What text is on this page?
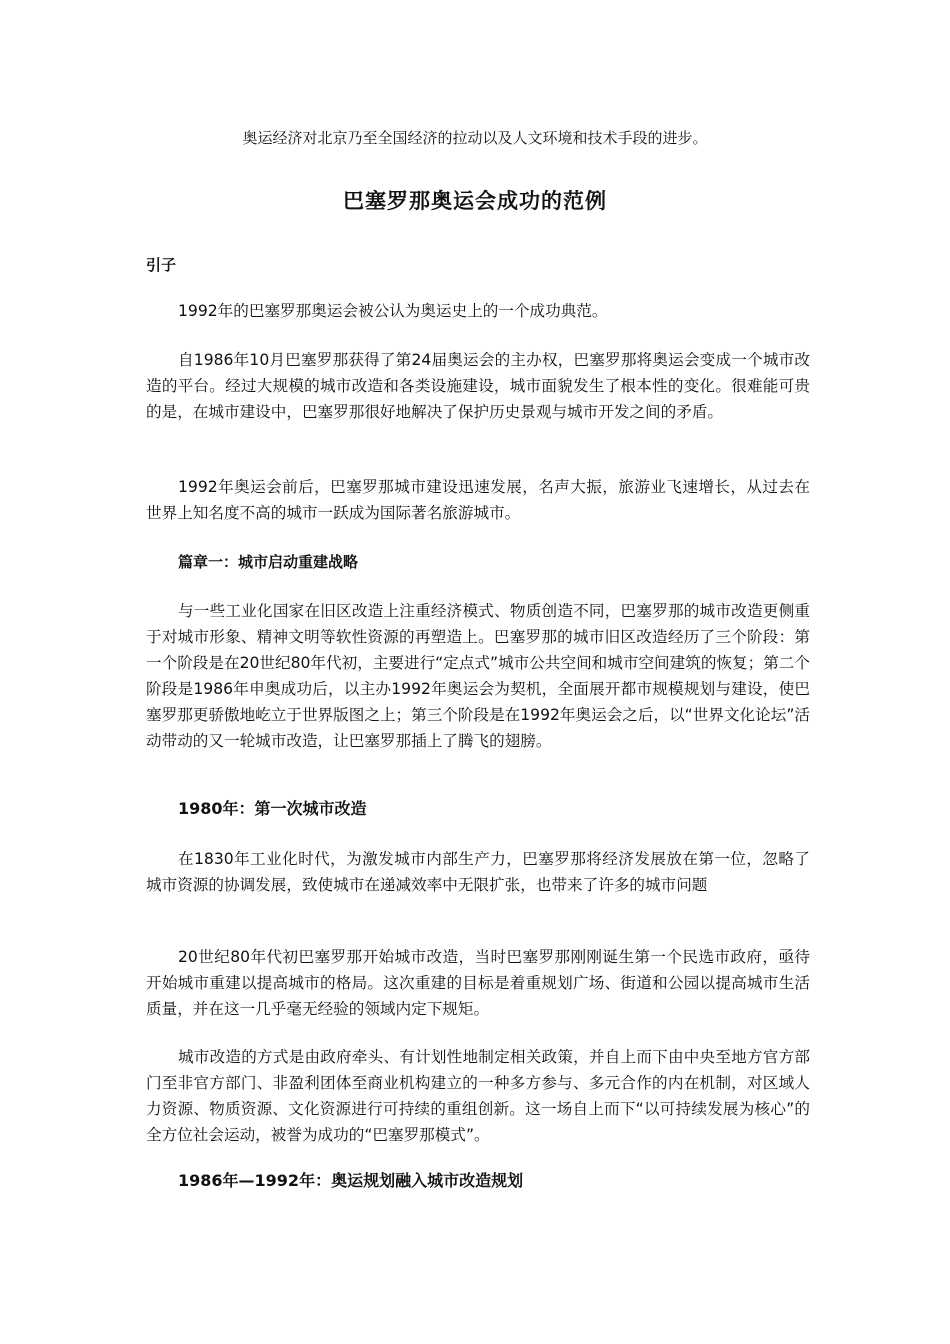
奥运经济对北京乃至全国经济的拉动以及人文环境和技术手段的进步。
巴塞罗那奥运会成功的范例
引子

1992年的巴塞罗那奥运会被公认为奥运史上的一个成功典范。

自1986年10月巴塞罗那获得了第24届奥运会的主办权，巴塞罗那将奥运会变成一个城市改造的平台。经过大规模的城市改造和各类设施建设，城市面貌发生了根本性的变化。很难能可贵的是，在城市建设中，巴塞罗那很好地解决了保护历史景观与城市开发之间的矛盾。

1992年奥运会前后，巴塞罗那城市建设迅速发展，名声大振，旅游业飞速增长，从过去在世界上知名度不高的城市一跃成为国际著名旅游城市。

篇章一：城市启动重建战略

与一些工业化国家在旧区改造上注重经济模式、物质创造不同，巴塞罗那的城市改造更侧重于对城市形象、精神文明等软性资源的再塑造上。巴塞罗那的城市旧区改造经历了三个阶段：第一个阶段是在20世纪80年代初，主要进行“定点式”城市公共空间和城市空间建筑的恢复；第二个阶段是1986年申奥成功后，以主办1992年奥运会为契机，全面展开都市规模规划与建设，使巴塞罗那更骄傲地屹立于世界版图之上；第三个阶段是在1992年奥运会之后，以“世界文化论坛”活动带动的又一轮城市改造，让巴塞罗那插上了腾飞的翅膀。

1980年：第一次城市改造

在1830年工业化时代，为激发城市内部生产力，巴塞罗那将经济发展放在第一位，忽略了城市资源的协调发展，致使城市在递减效率中无限扩张，也带来了许多的城市问题

20世纪80年代初巴塞罗那开始城市改造，当时巴塞罗那刚刚诞生第一个民选市政府，亟待开始城市重建以提高城市的格局。这次重建的目标是着重规划广场、街道和公园以提高城市生活质量，并在这一几乎毫无经验的领域内定下规矩。

城市改造的方式是由政府牵头、有计划性地制定相关政策，并自上而下由中央至地方官方部门至非官方部门、非盈利团体至商业机构建立的一种多方参与、多元合作的内在机制，对区域人力资源、物质资源、文化资源进行可持续的重组创新。这一场自上而下“以可持续发展为核心”的全方位社会运动，被誉为成功的“巴塞罗那模式”。

1986年—1992年：奥运规划融入城市改造规划
